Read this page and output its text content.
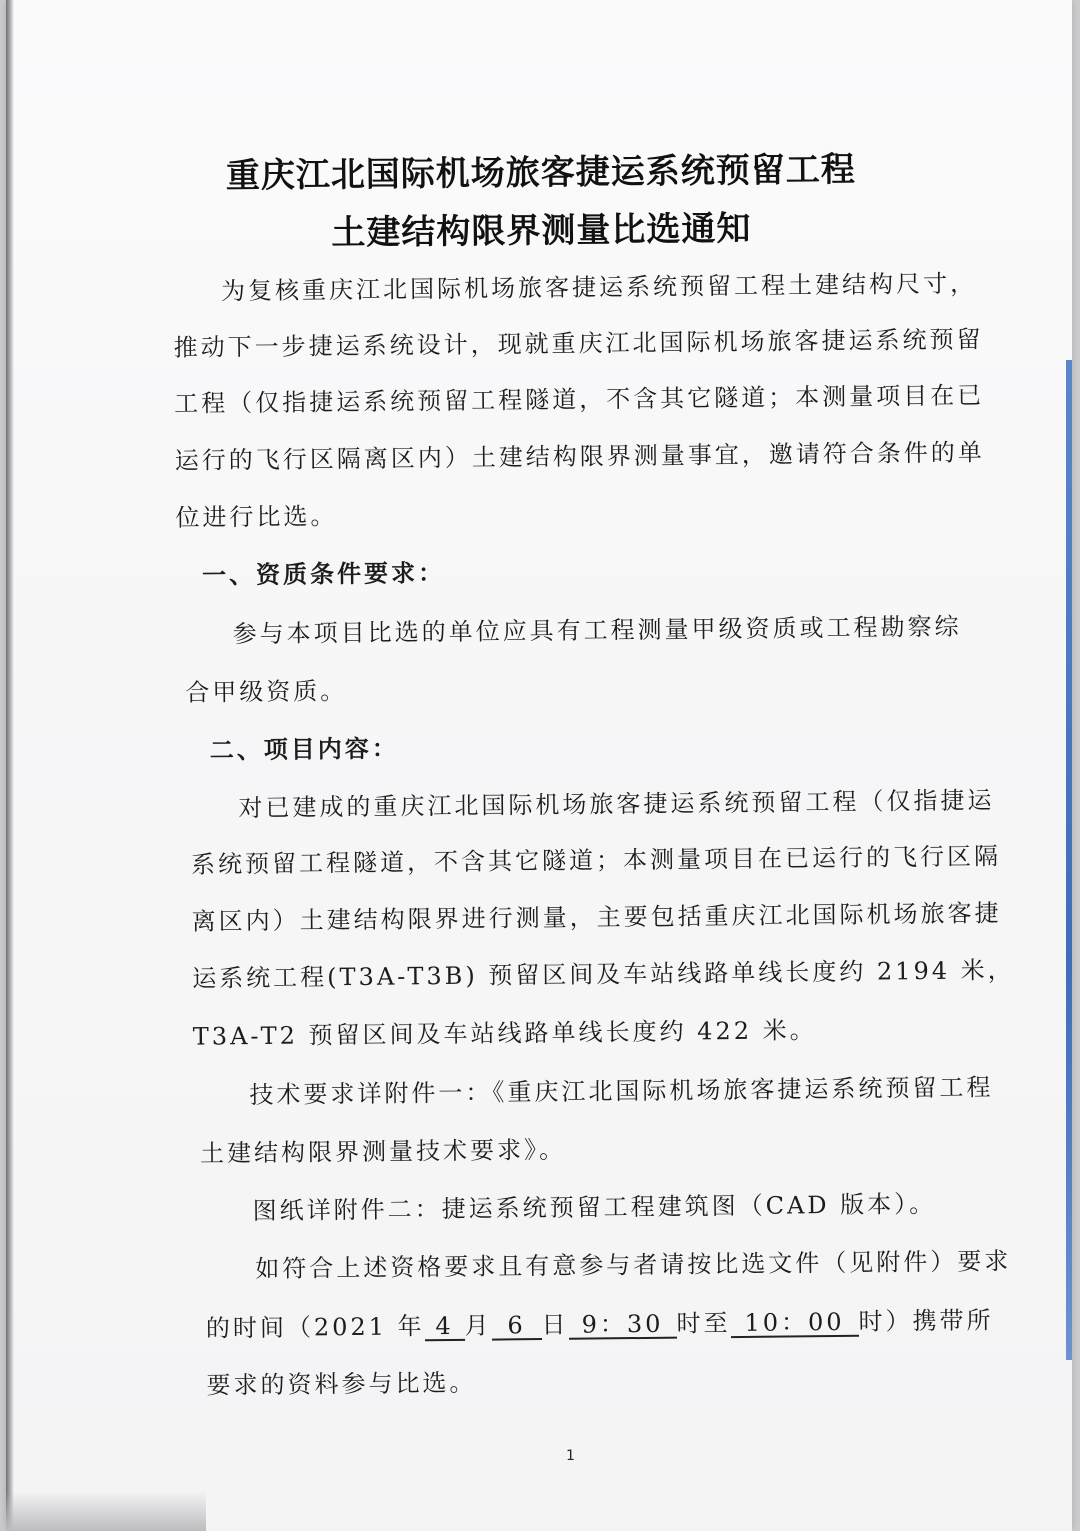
重庆江北国际机场旅客捷运系统预留工程
土建结构限界测量比选通知
为复核重庆江北国际机场旅客捷运系统预留工程土建结构尺寸，
推动下一步捷运系统设计，现就重庆江北国际机场旅客捷运系统预留
工程（仅指捷运系统预留工程隧道，不含其它隧道；本测量项目在已
运行的飞行区隔离区内）土建结构限界测量事宜，邀请符合条件的单
位进行比选。
一、资质条件要求：
参与本项目比选的单位应具有工程测量甲级资质或工程勘察综
合甲级资质。
二、项目内容：
对已建成的重庆江北国际机场旅客捷运系统预留工程（仅指捷运
系统预留工程隧道，不含其它隧道；本测量项目在已运行的飞行区隔
离区内）土建结构限界进行测量，主要包括重庆江北国际机场旅客捷
运系统工程(T3A-T3B) 预留区间及车站线路单线长度约 2194 米，
T3A-T2 预留区间及车站线路单线长度约 422 米。
技术要求详附件一：《重庆江北国际机场旅客捷运系统预留工程
土建结构限界测量技术要求》。
图纸详附件二：捷运系统预留工程建筑图（CAD 版本）。
如符合上述资格要求且有意参与者请按比选文件（见附件）要求
的时间（2021 年 4 月 6 日 9：30 时至 10：00 时）携带所
要求的资料参与比选。
1
